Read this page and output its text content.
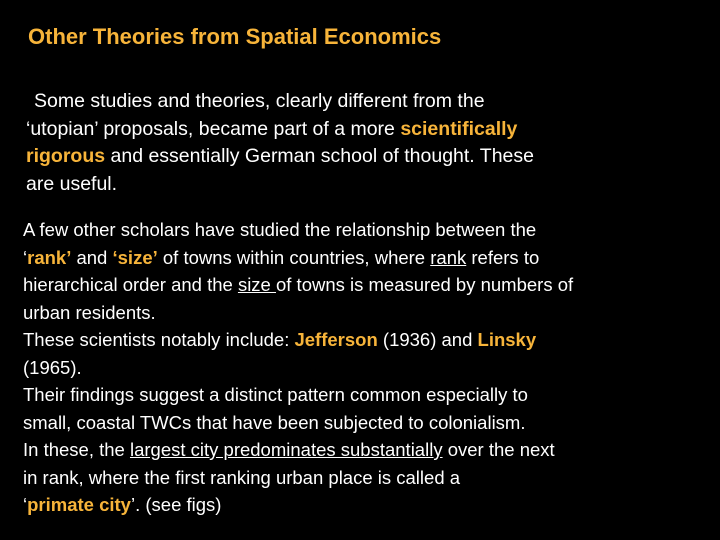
Other Theories from Spatial Economics
Some studies and theories, clearly different from the
‘utopian’ proposals, became part of a more scientifically
rigorous and essentially German school of thought. These
are useful.
A few other scholars have studied the relationship between the
‘rank’ and ‘size’ of towns within countries, where rank refers to
hierarchical order and the size of towns is measured by numbers of
urban residents.
These scientists notably include: Jefferson (1936) and Linsky
(1965).
Their findings suggest a distinct pattern common especially to
small, coastal TWCs that have been subjected to colonialism.
In these, the largest city predominates substantially over the next
in rank, where the first ranking urban place is called a
‘primate city’. (see figs)
